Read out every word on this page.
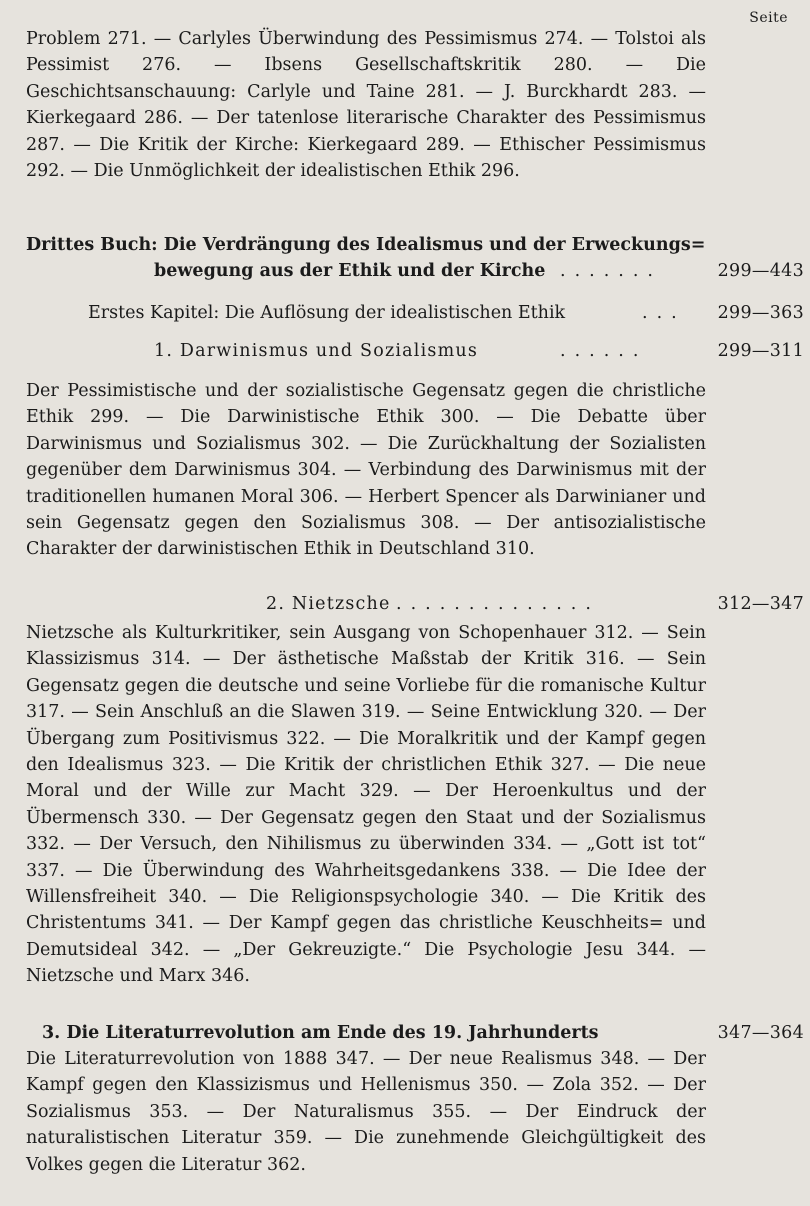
Seite
Problem 271. — Carlyles Überwindung des Pessimismus 274. — Tolstoi als Pessimist 276. — Ibsens Gesellschaftskritik 280. — Die Geschichtsanschauung: Carlyle und Taine 281. — J. Burckhardt 283. — Kierkegaard 286. — Der tatenlose literarische Charakter des Pessimismus 287. — Die Kritik der Kirche: Kierkegaard 289. — Ethischer Pessimismus 292. — Die Unmöglichkeit der idealistischen Ethik 296.
Drittes Buch: Die Verdrängung des Idealismus und der Erweckungs=
bewegung aus der Ethik und der Kirche .......	299—443
Erstes Kapitel: Die Auflösung der idealistischen Ethik	...	299—363
1. Darwinismus und Sozialismus	......	299—311
Der Pessimistische und der sozialistische Gegensatz gegen die christliche Ethik 299. — Die Darwinistische Ethik 300. — Die Debatte über Darwinismus und Sozialismus 302. — Die Zurückhaltung der Sozialisten gegenüber dem Darwinismus 304. — Verbindung des Darwinismus mit der traditionellen humanen Moral 306. — Herbert Spencer als Darwinianer und sein Gegensatz gegen den Sozialismus 308. — Der antisozialistische Charakter der darwinistischen Ethik in Deutschland 310.
2. Nietzsche ..............	312—347
Nietzsche als Kulturkritiker, sein Ausgang von Schopenhauer 312. — Sein Klassizismus 314. — Der ästhetische Maßstab der Kritik 316. — Sein Gegensatz gegen die deutsche und seine Vorliebe für die romanische Kultur 317. — Sein Anschluß an die Slawen 319. — Seine Entwicklung 320. — Der Übergang zum Positivismus 322. — Die Moralkritik und der Kampf gegen den Idealismus 323. — Die Kritik der christlichen Ethik 327. — Die neue Moral und der Wille zur Macht 329. — Der Heroenkultus und der Übermensch 330. — Der Gegensatz gegen den Staat und der Sozialismus 332. — Der Versuch, den Nihilismus zu überwinden 334. — „Gott ist tot“ 337. — Die Überwindung des Wahrheitsgedankens 338. — Die Idee der Willensfreiheit 340. — Die Religionspsychologie 340. — Die Kritik des Christentums 341. — Der Kampf gegen das christliche Keuschheits= und Demutsideal 342. — „Der Gekreuzigte.“ Die Psychologie Jesu 344. — Nietzsche und Marx 346.
3. Die Literaturrevolution am Ende des 19. Jahrhunderts	347—364
Die Literaturrevolution von 1888 347. — Der neue Realismus 348. — Der Kampf gegen den Klassizismus und Hellenismus 350. — Zola 352. — Der Sozialismus 353. — Der Naturalismus 355. — Der Eindruck der naturalistischen Literatur 359. — Die zunehmende Gleichgültigkeit des Volkes gegen die Literatur 362.
